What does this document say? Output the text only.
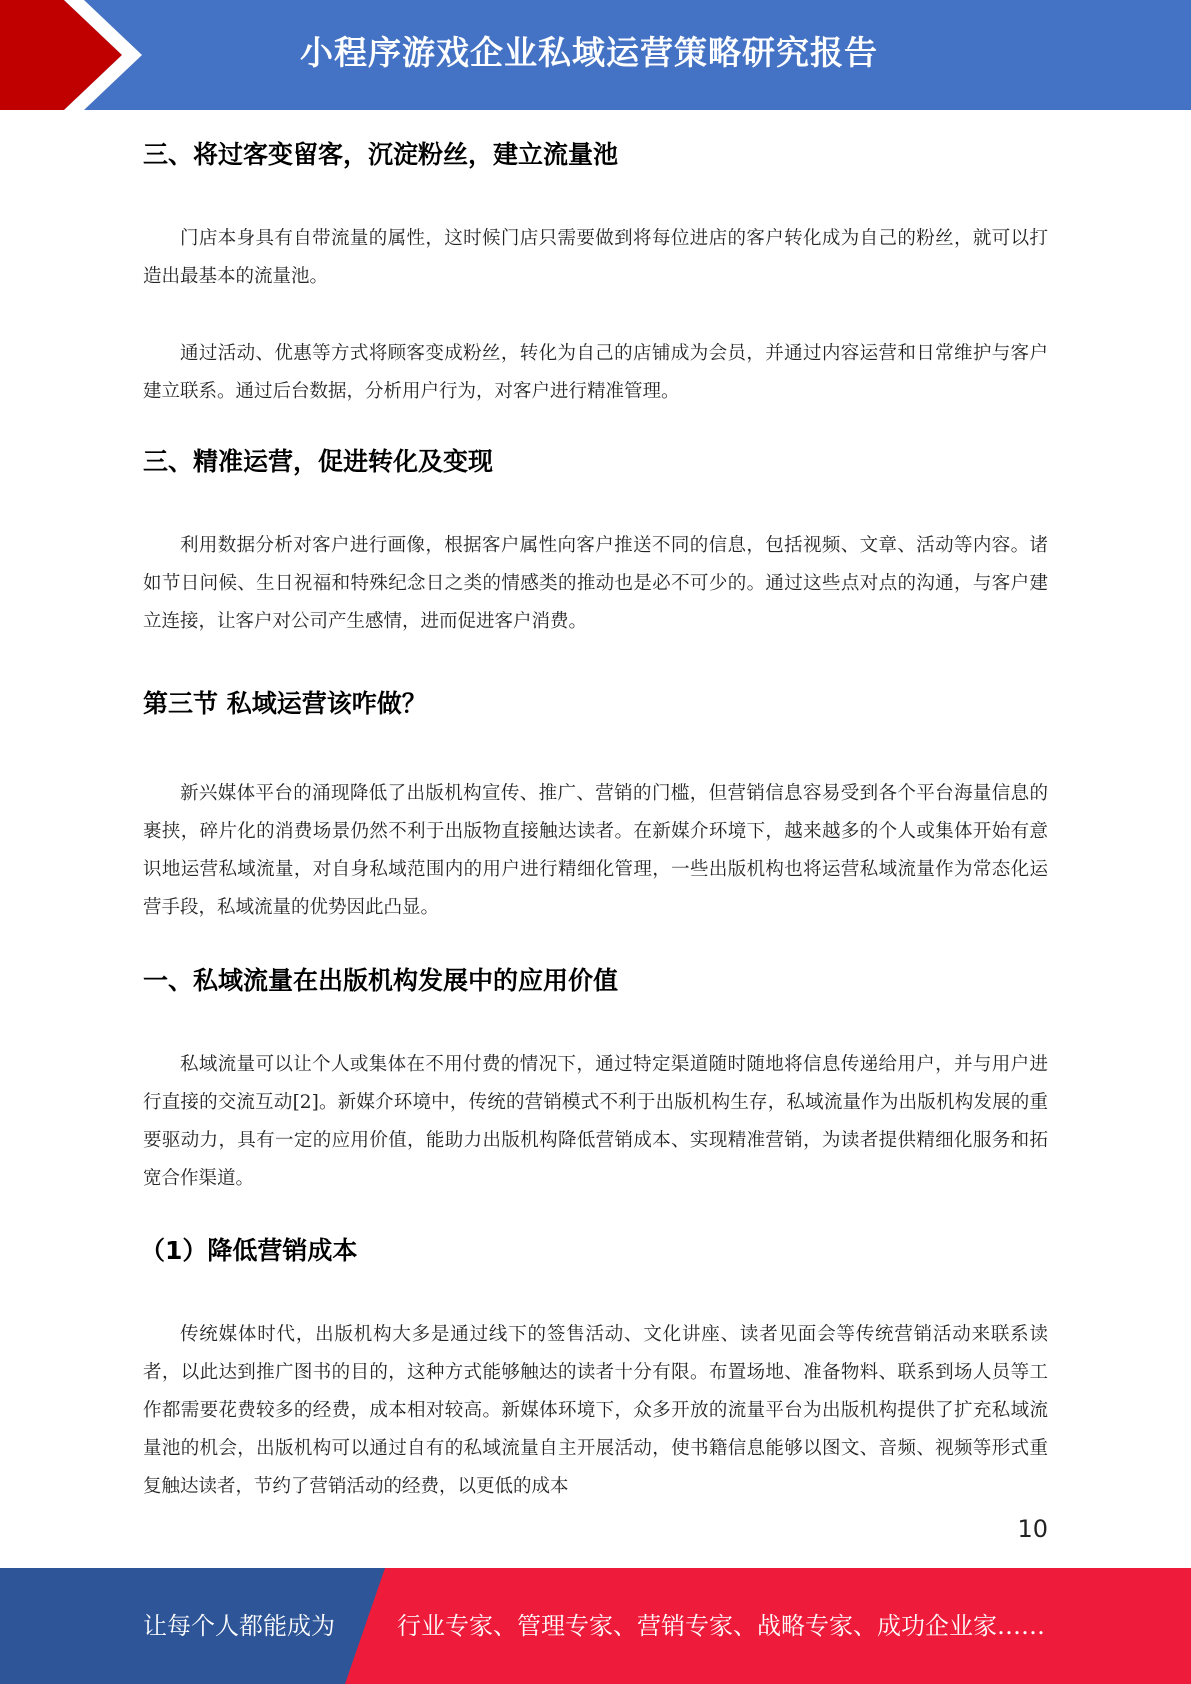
小程序游戏企业私域运营策略研究报告
三、将过客变留客，沉淀粉丝，建立流量池

门店本身具有自带流量的属性，这时候门店只需要做到将每位进店的客户转化成为自己的粉丝，就可以打造出最基本的流量池。

通过活动、优惠等方式将顾客变成粉丝，转化为自己的店铺成为会员，并通过内容运营和日常维护与客户建立联系。通过后台数据，分析用户行为，对客户进行精准管理。

三、精准运营，促进转化及变现

利用数据分析对客户进行画像，根据客户属性向客户推送不同的信息，包括视频、文章、活动等内容。诸如节日问候、生日祝福和特殊纪念日之类的情感类的推动也是必不可少的。通过这些点对点的沟通，与客户建立连接，让客户对公司产生感情，进而促进客户消费。

第三节 私域运营该咋做？

新兴媒体平台的涌现降低了出版机构宣传、推广、营销的门槛，但营销信息容易受到各个平台海量信息的裹挟，碎片化的消费场景仍然不利于出版物直接触达读者。在新媒介环境下，越来越多的个人或集体开始有意识地运营私域流量，对自身私域范围内的用户进行精细化管理，一些出版机构也将运营私域流量作为常态化运营手段，私域流量的优势因此凸显。

一、私域流量在出版机构发展中的应用价值

私域流量可以让个人或集体在不用付费的情况下，通过特定渠道随时随地将信息传递给用户，并与用户进行直接的交流互动[2]。新媒介环境中，传统的营销模式不利于出版机构生存，私域流量作为出版机构发展的重要驱动力，具有一定的应用价值，能助力出版机构降低营销成本、实现精准营销，为读者提供精细化服务和拓宽合作渠道。

（1）降低营销成本

传统媒体时代，出版机构大多是通过线下的签售活动、文化讲座、读者见面会等传统营销活动来联系读者，以此达到推广图书的目的，这种方式能够触达的读者十分有限。布置场地、准备物料、联系到场人员等工作都需要花费较多的经费，成本相对较高。新媒体环境下，众多开放的流量平台为出版机构提供了扩充私域流量池的机会，出版机构可以通过自有的私域流量自主开展活动，使书籍信息能够以图文、音频、视频等形式重复触达读者，节约了营销活动的经费，以更低的成本

10
让每个人都能成为	行业专家、管理专家、营销专家、战略专家、成功企业家……
